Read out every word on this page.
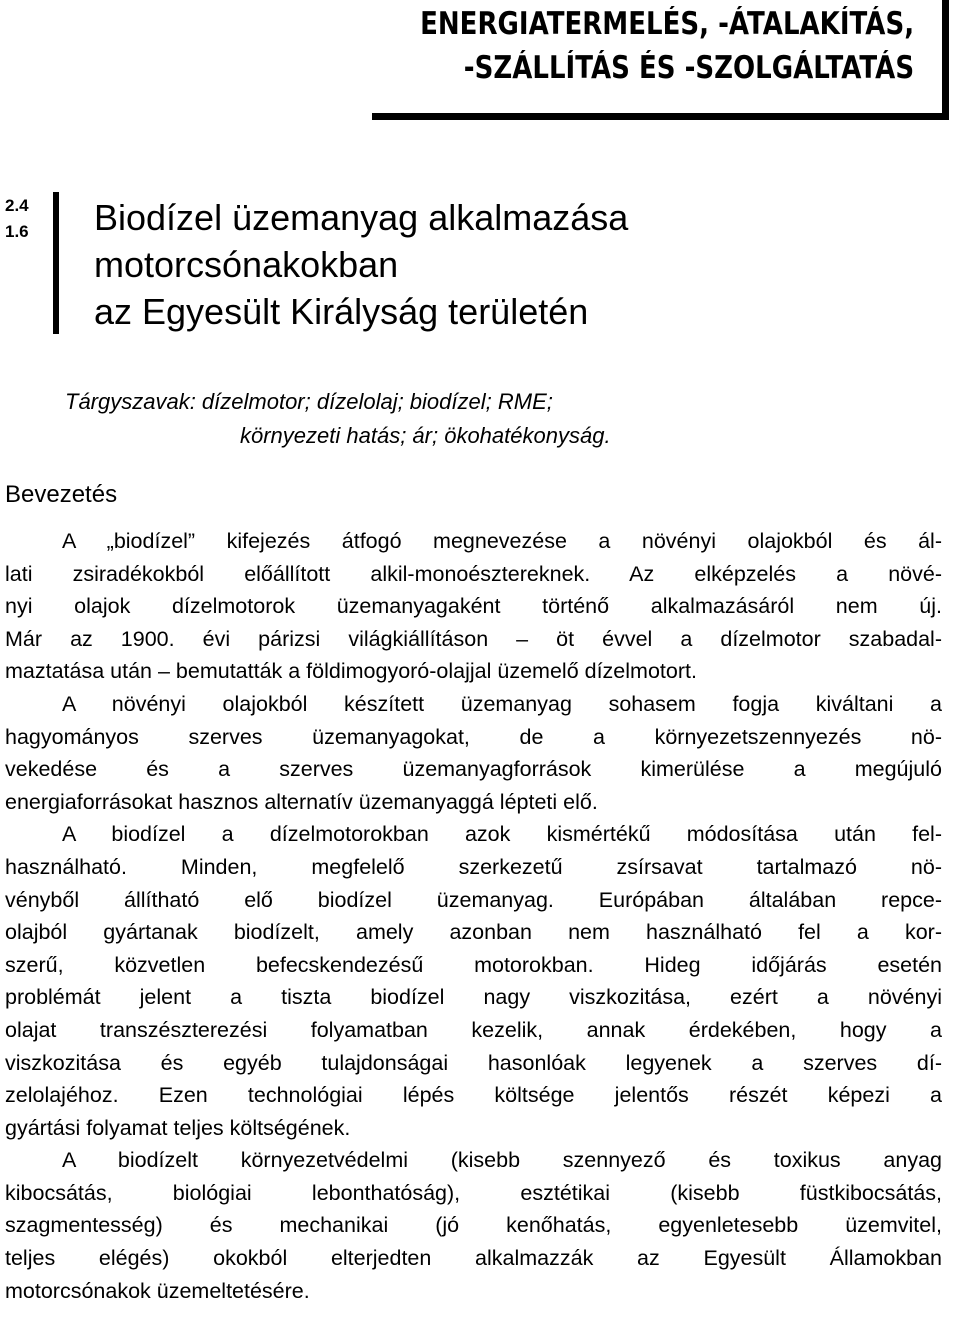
ENERGIATERMELÉS, -ÁTALAKÍTÁS,

-SZÁLLÍTÁS ÉS -SZOLGÁLTATÁS

2.4

1.6 Biodízel üzemanyag alkalmazása
motorcsónakokban
az Egyesült Királyság területén
Tárgyszavak: dízelmotor; dízelolaj; biodízel; RME;
környezeti hatás; ár; ökohatékonyság.
Bevezetés

A „biodízel” kifejezés átfogó megnevezése a növényi olajokból és ál-
lati zsiradékokból előállított alkil-monoésztereknek. Az elképzelés a növé-
nyi olajok dízelmotorok üzemanyagaként történő alkalmazásáról nem új.
Már az 1900. évi párizsi világkiállításon – öt évvel a dízelmotor szabadal-
maztatása után – bemutatták a földimogyoró-olajjal üzemelő dízelmotort.

A növényi olajokból készített üzemanyag sohasem fogja kiváltani a
hagyományos szerves üzemanyagokat, de a környezetszennyezés nö-
vekedése és a szerves üzemanyagforrások kimerülése a megújuló
energiaforrásokat hasznos alternatív üzemanyaggá lépteti elő.

A biodízel a dízelmotorokban azok kismértékű módosítása után fel-
használható. Minden, megfelelő szerkezetű zsírsavat tartalmazó nö-
vényből állítható elő biodízel üzemanyag. Európában általában repce-
olajból gyártanak biodízelt, amely azonban nem használható fel a kor-
szerű, közvetlen befecskendezésű motorokban. Hideg időjárás esetén
problémát jelent a tiszta biodízel nagy viszkozitása, ezért a növényi
olajat transzészterezési folyamatban kezelik, annak érdekében, hogy a
viszkozitása és egyéb tulajdonságai hasonlóak legyenek a szerves dí-
zelolajéhoz. Ezen technológiai lépés költsége jelentős részét képezi a
gyártási folyamat teljes költségének.

A biodízelt környezetvédelmi (kisebb szennyező és toxikus anyag
kibocsátás, biológiai lebonthatóság), esztétikai (kisebb füstkibocsátás,
szagmentesség) és mechanikai (jó kenőhatás, egyenletesebb üzemvitel,
teljes elégés) okokból elterjedten alkalmazzák az Egyesült Államokban
motorcsónakok üzemeltetésére.
